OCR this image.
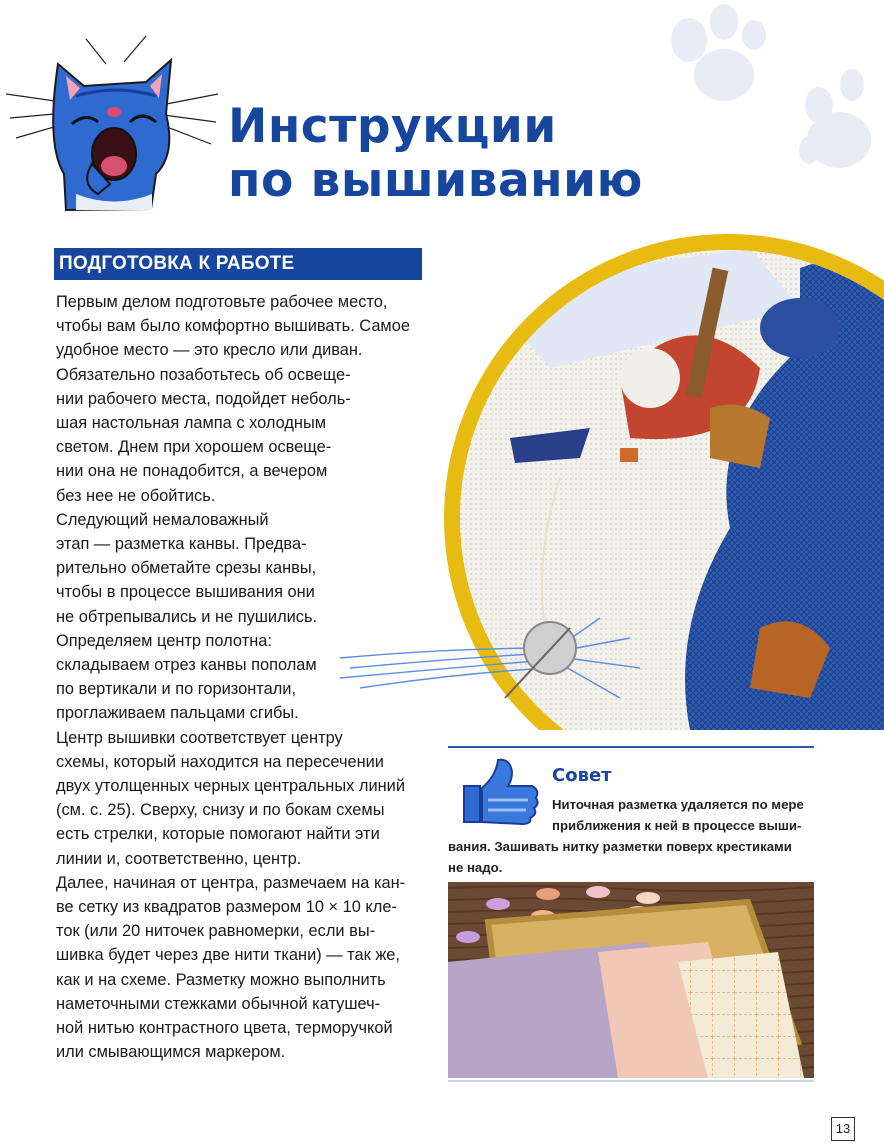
Инструкции
по вышиванию
ПОДГОТОВКА К РАБОТЕ
Первым делом подготовьте рабочее место,
чтобы вам было комфортно вышивать. Самое
удобное место — это кресло или диван.
Обязательно позаботьтесь об освеще-
нии рабочего места, подойдет неболь-
шая настольная лампа с холодным
светом. Днем при хорошем освеще-
нии она не понадобится, а вечером
без нее не обойтись.
Следующий немаловажный
этап — разметка канвы. Предва-
рительно обметайте срезы канвы,
чтобы в процессе вышивания они
не обтрепывались и не пушились.
Определяем центр полотна:
складываем отрез канвы пополам
по вертикали и по горизонтали,
проглаживаем пальцами сгибы.
Центр вышивки соответствует центру
схемы, который находится на пересечении
двух утолщенных черных центральных линий
(см. с. 25). Сверху, снизу и по бокам схемы
есть стрелки, которые помогают найти эти
линии и, соответственно, центр.
Далее, начиная от центра, размечаем на кан-
ве сетку из квадратов размером 10 × 10 кле-
ток (или 20 ниточек равномерки, если вы-
шивка будет через две нити ткани) — так же,
как и на схеме. Разметку можно выполнить
наметочными стежками обычной катушеч-
ной нитью контрастного цвета, терморучкой
или смывающимся маркером.
Совет
Ниточная разметка удаляется по мере
приближения к ней в процессе выши-
вания. Зашивать нитку разметки поверх крестиками
не надо.
13
